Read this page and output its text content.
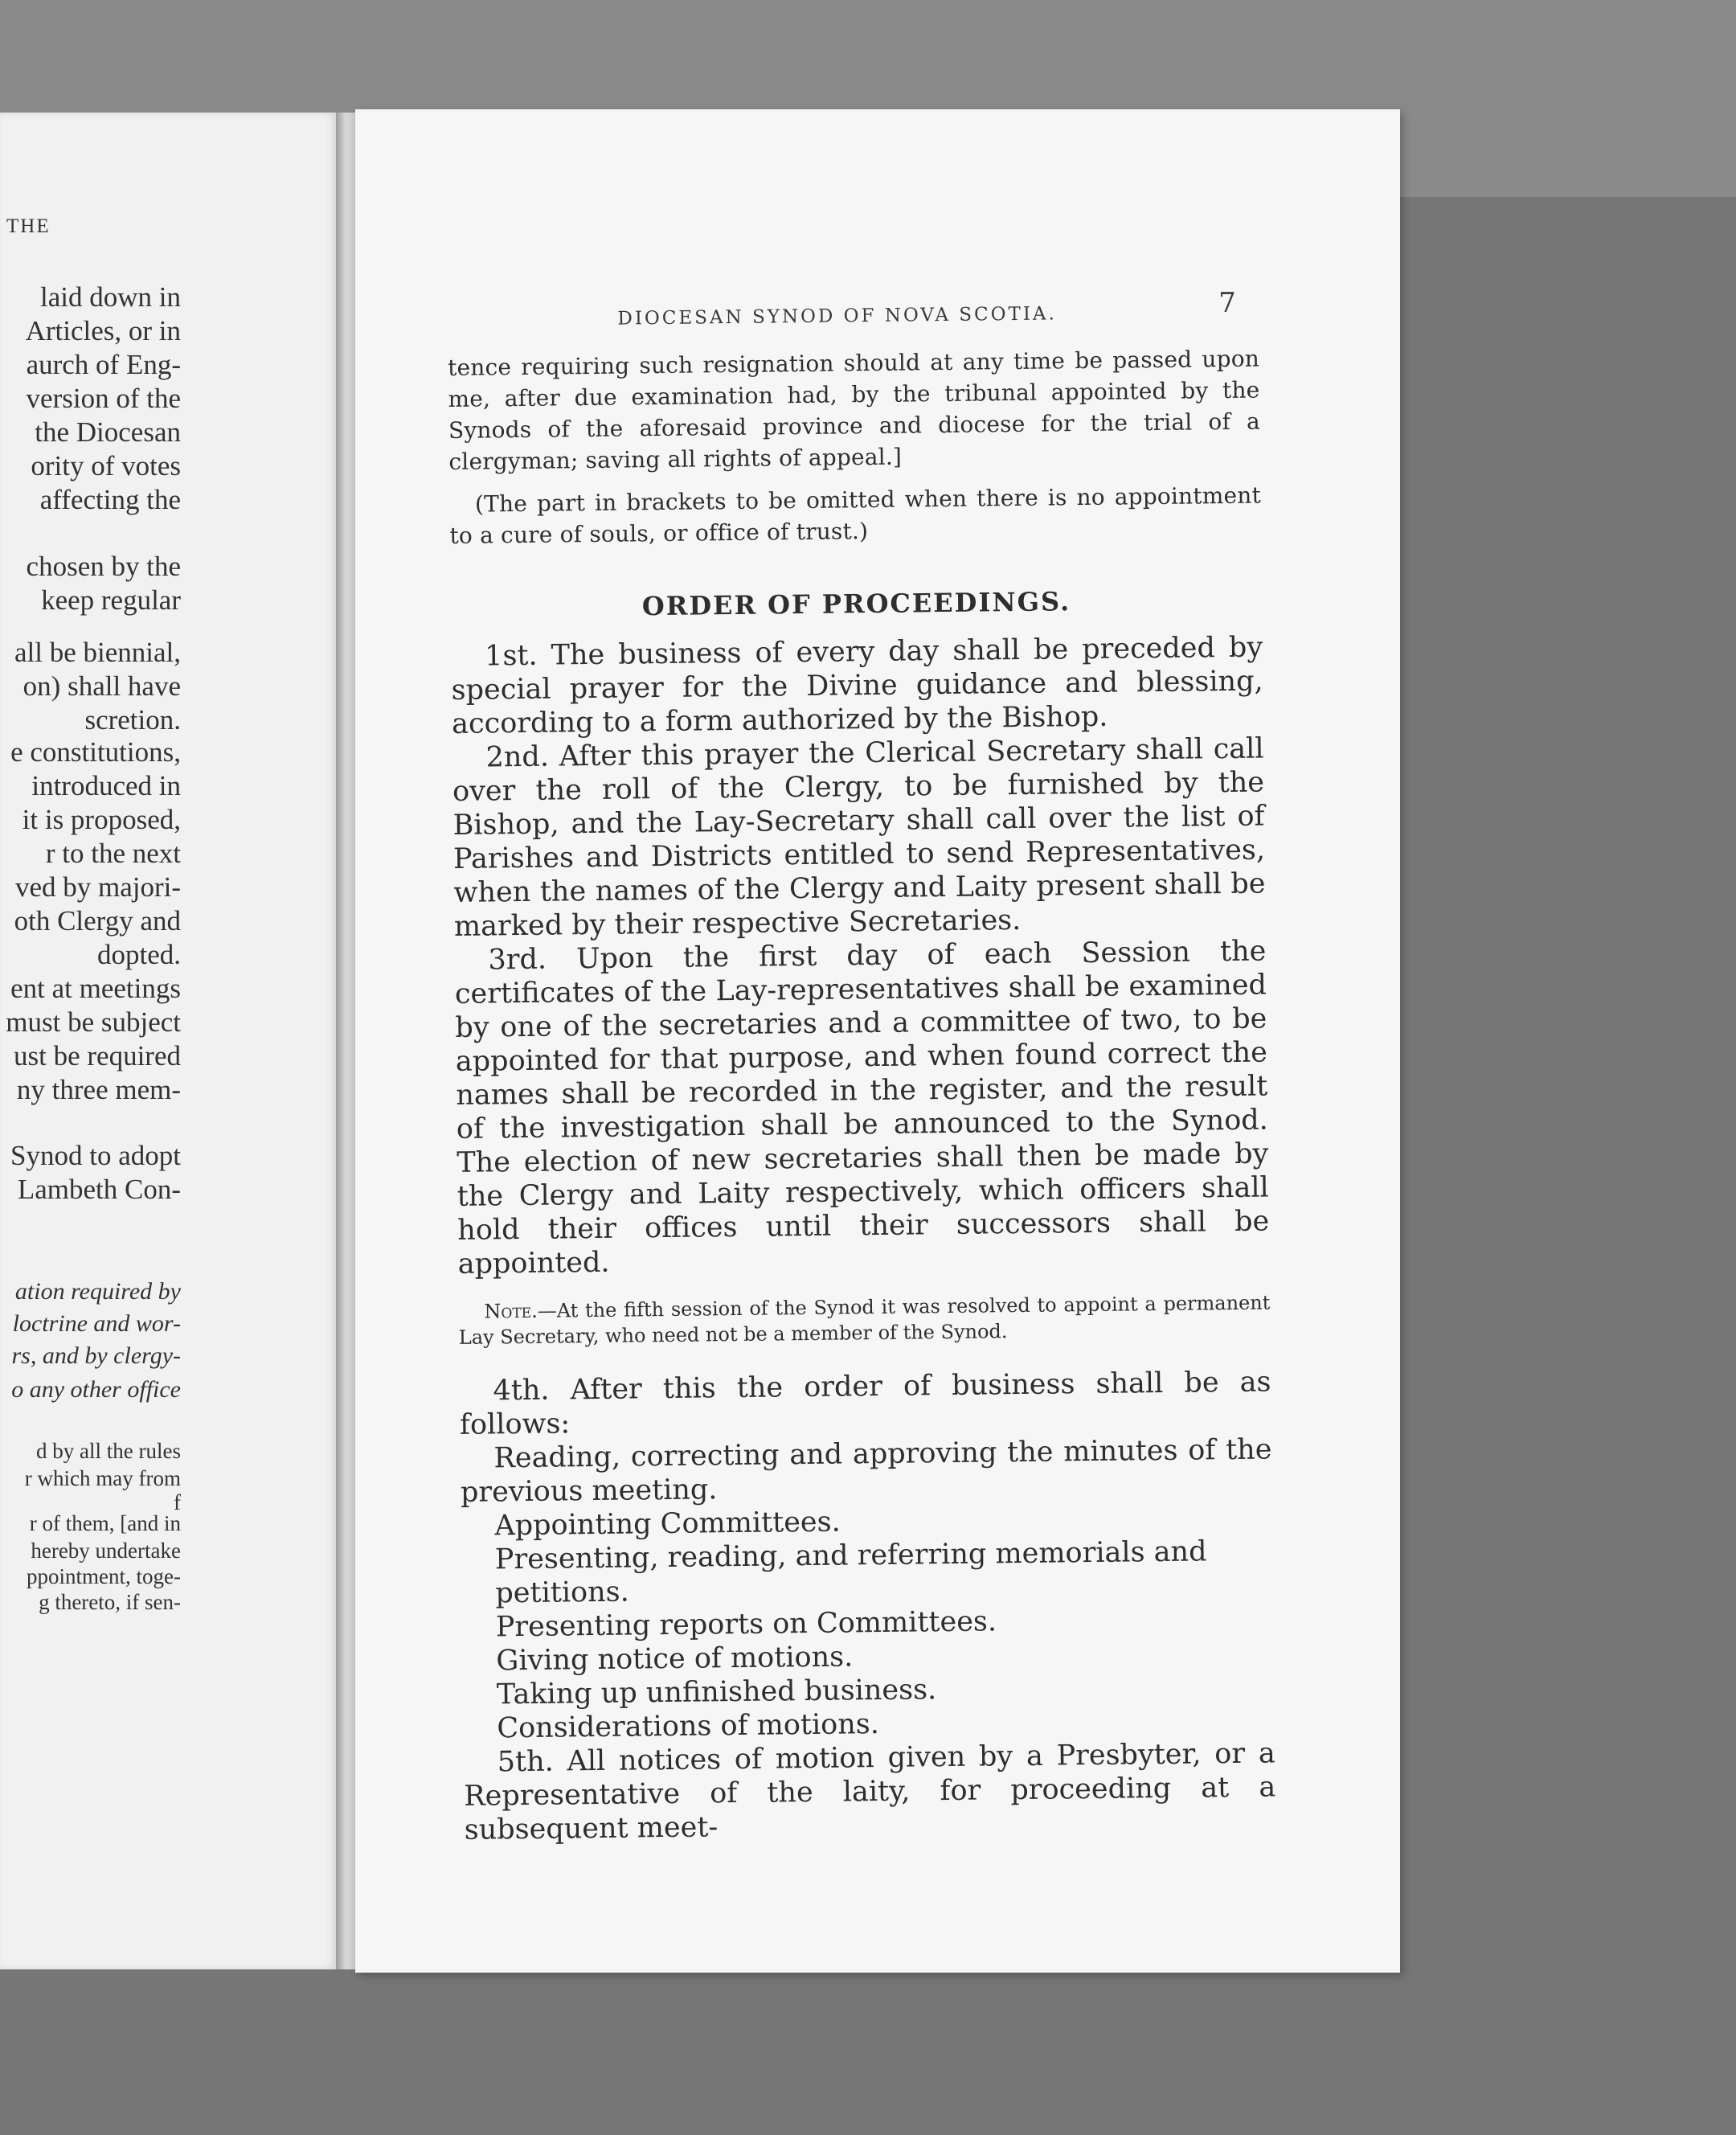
THE
laid down in
Articles, or in
aurch of Eng-
version of the
the Diocesan
ority of votes
affecting the
chosen by the
keep regular
all be biennial,
on) shall have
scretion.
e constitutions,
introduced in
it is proposed,
r to the next
ved by majori-
oth Clergy and
dopted.
ent at meetings
must be subject
ust be required
ny three mem-
Synod to adopt
Lambeth Con-
ation required by
loctrine and wor-
rs, and by clergy-
o any other office
d by all the rules
r which may from
f
r of them, [and in
hereby undertake
ppointment, toge-
g thereto, if sen-
DIOCESAN SYNOD OF NOVA SCOTIA.	7

tence requiring such resignation should at any time be passed upon me, after due examination had, by the tribunal appointed by the Synods of the aforesaid province and diocese for the trial of a clergyman; saving all rights of appeal.]

(The part in brackets to be omitted when there is no appointment to a cure of souls, or office of trust.)

ORDER OF PROCEEDINGS.

1st. The business of every day shall be preceded by special prayer for the Divine guidance and blessing, according to a form authorized by the Bishop.

2nd. After this prayer the Clerical Secretary shall call over the roll of the Clergy, to be furnished by the Bishop, and the Lay-Secretary shall call over the list of Parishes and Districts entitled to send Representatives, when the names of the Clergy and Laity present shall be marked by their respective Secretaries.

3rd. Upon the first day of each Session the certificates of the Lay-representatives shall be examined by one of the secretaries and a committee of two, to be appointed for that purpose, and when found correct the names shall be recorded in the register, and the result of the investigation shall be announced to the Synod. The election of new secretaries shall then be made by the Clergy and Laity respectively, which officers shall hold their offices until their successors shall be appointed.

Note.—At the fifth session of the Synod it was resolved to appoint a permanent Lay Secretary, who need not be a member of the Synod.

4th. After this the order of business shall be as follows:

Reading, correcting and approving the minutes of the previous meeting.

Appointing Committees.

Presenting, reading, and referring memorials and petitions.

Presenting reports on Committees.

Giving notice of motions.

Taking up unfinished business.

Considerations of motions.

5th. All notices of motion given by a Presbyter, or a Representative of the laity, for proceeding at a subsequent meet-
